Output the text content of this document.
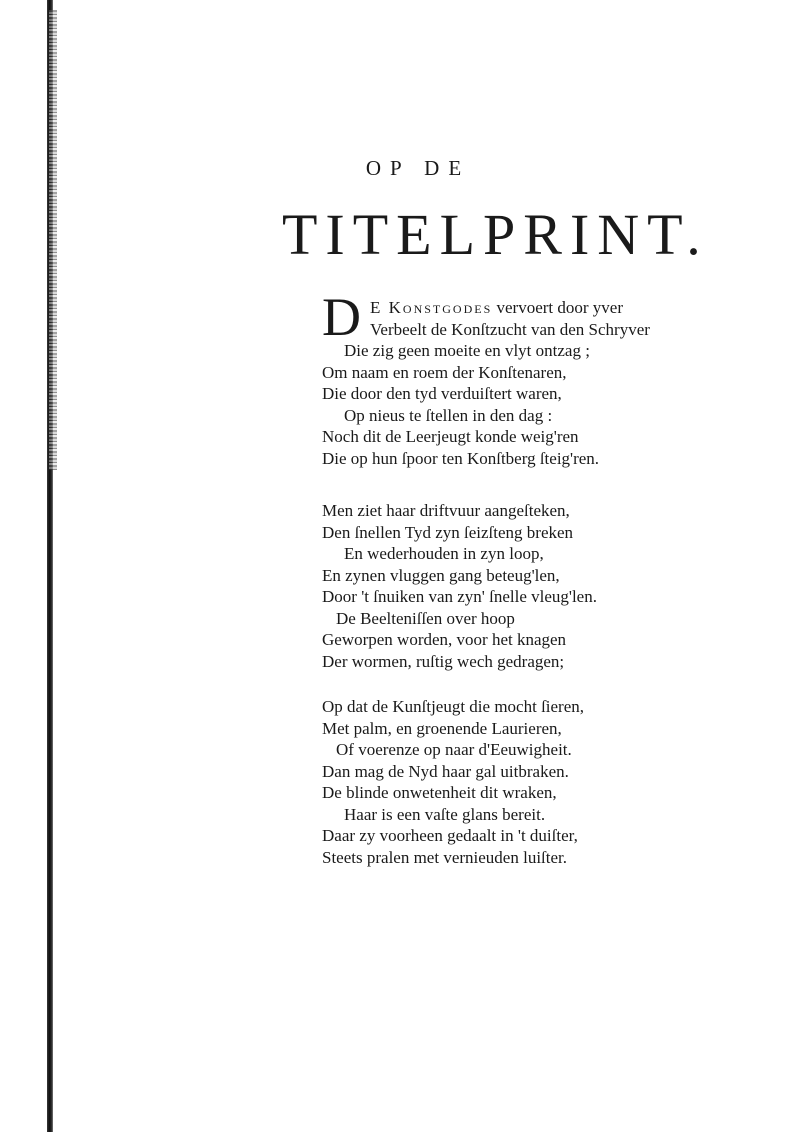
OP DE
TITELPRINT.
D E Konstgodes vervoert door yver
Verbeelt de Konſtzucht van den Schryver
Die zig geen moeite en vlyt ontzag ;
Om naam en roem der Konſtenaren,
Die door den tyd verduiſtert waren,
Op nieus te ſtellen in den dag :
Noch dit de Leerjeugt konde weig'ren
Die op hun ſpoor ten Konſtberg ſteig'ren.
Men ziet haar driftvuur aangeſteken,
Den ſnellen Tyd zyn ſeizſteng breken
En wederhouden in zyn loop,
En zynen vluggen gang beteug'len,
Door 't ſnuiken van zyn' ſnelle vleug'len.
De Beelteniſſen over hoop
Geworpen worden, voor het knagen
Der wormen, ruſtig wech gedragen;
Op dat de Kunſtjeugt die mocht ſieren,
Met palm, en groenende Laurieren,
Of voerenze op naar d'Eeuwigheit.
Dan mag de Nyd haar gal uitbraken.
De blinde onwetenheit dit wraken,
Haar is een vaſte glans bereit.
Daar zy voorheen gedaalt in 't duiſter,
Steets pralen met vernieuden luiſter.
